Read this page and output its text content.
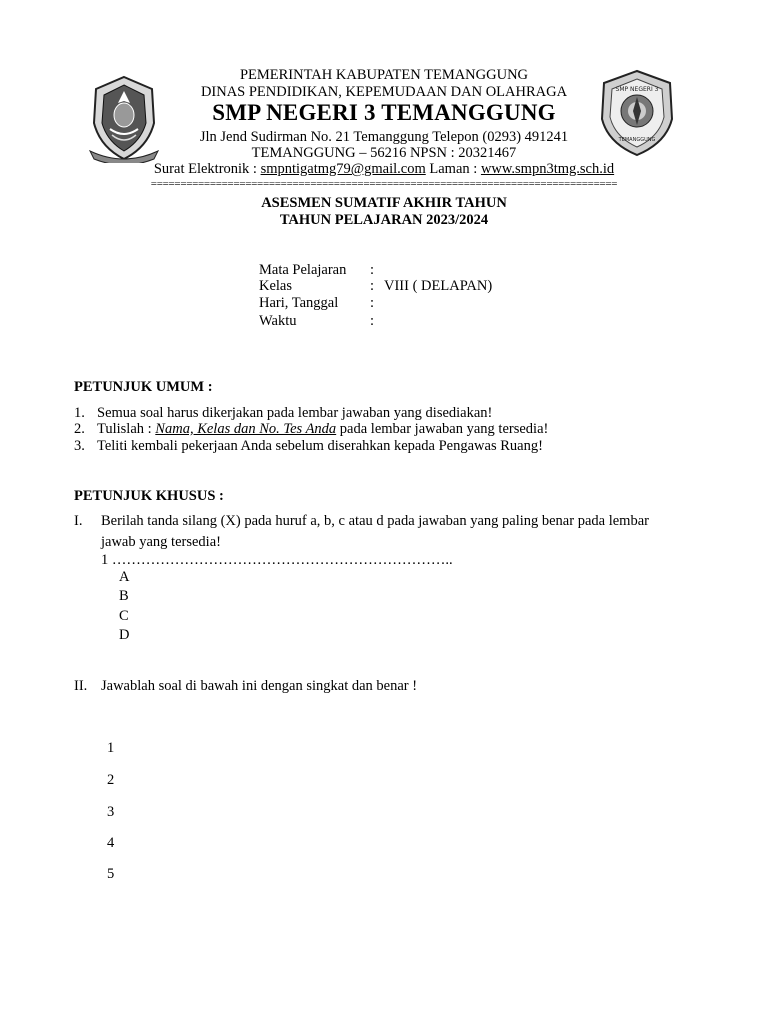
SMP NEGERI 3
TEMANGGUNG
PEMERINTAH KABUPATEN TEMANGGUNG
DINAS PENDIDIKAN, KEPEMUDAAN DAN OLAHRAGA
SMP NEGERI 3 TEMANGGUNG
Jln Jend Sudirman No. 21 Temanggung Telepon (0293) 491241
TEMANGGUNG – 56216 NPSN : 20321467
Surat Elektronik : smpntigatmg79@gmail.com Laman : www.smpn3tmg.sch.id
===============================================================================
ASESMEN SUMATIF AKHIR TAHUN
TAHUN PELAJARAN 2023/2024
Mata Pelajaran :
Kelas	: VIII ( DELAPAN)
Hari, Tanggal :
Waktu	:
PETUNJUK UMUM :
1. Semua soal harus dikerjakan pada lembar jawaban yang disediakan!
2. Tulislah : Nama, Kelas dan No. Tes Anda pada lembar jawaban yang tersedia!
3. Teliti kembali pekerjaan Anda sebelum diserahkan kepada Pengawas Ruang!
PETUNJUK KHUSUS :
I. Berilah tanda silang (X) pada huruf a, b, c atau d pada jawaban yang paling benar pada lembar
jawab yang tersedia!
1 ……………………………………………………………..
A
B
C
D
II. Jawablah soal di bawah ini dengan singkat dan benar !
1
2
3
4
5
